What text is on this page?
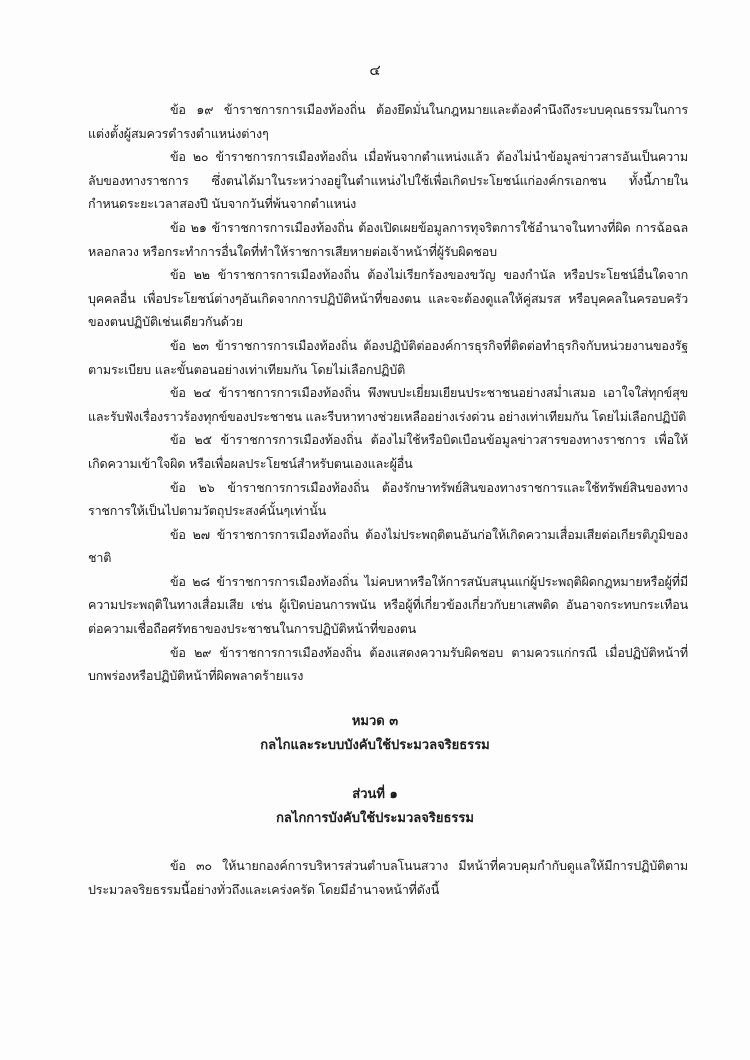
๔

ข้อ ๑๙ ข้าราชการการเมืองท้องถิ่น ต้องยึดมั่นในกฎหมายและต้องคำนึงถึงระบบคุณธรรมในการแต่งตั้งผู้สมควรดำรงตำแหน่งต่างๆ

ข้อ ๒๐ ข้าราชการการเมืองท้องถิ่น เมื่อพ้นจากตำแหน่งแล้ว ต้องไม่นำข้อมูลข่าวสารอันเป็นความลับของทางราชการ ซึ่งตนได้มาในระหว่างอยู่ในตำแหน่งไปใช้เพื่อเกิดประโยชน์แก่องค์กรเอกชน ทั้งนี้ภายในกำหนดระยะเวลาสองปี นับจากวันที่พ้นจากตำแหน่ง

ข้อ ๒๑ ข้าราชการการเมืองท้องถิ่น ต้องเปิดเผยข้อมูลการทุจริตการใช้อำนาจในทางที่ผิด การฉ้อฉล หลอกลวง หรือกระทำการอื่นใดที่ทำให้ราชการเสียหายต่อเจ้าหน้าที่ผู้รับผิดชอบ

ข้อ ๒๒ ข้าราชการการเมืองท้องถิ่น ต้องไม่เรียกร้องของขวัญ ของกำนัล หรือประโยชน์อื่นใดจากบุคคลอื่น เพื่อประโยชน์ต่างๆอันเกิดจากการปฏิบัติหน้าที่ของตน และจะต้องดูแลให้คู่สมรส หรือบุคคลในครอบครัวของตนปฏิบัติเช่นเดียวกันด้วย

ข้อ ๒๓ ข้าราชการการเมืองท้องถิ่น ต้องปฏิบัติต่อองค์การธุรกิจที่ติดต่อทำธุรกิจกับหน่วยงานของรัฐตามระเบียบ และขั้นตอนอย่างเท่าเทียมกัน โดยไม่เลือกปฏิบัติ

ข้อ ๒๔ ข้าราชการการเมืองท้องถิ่น พึงพบปะเยี่ยมเยียนประชาชนอย่างสม่ำเสมอ เอาใจใส่ทุกข์สุขและรับฟังเรื่องราวร้องทุกข์ของประชาชน และรีบหาทางช่วยเหลืออย่างเร่งด่วน อย่างเท่าเทียมกัน โดยไม่เลือกปฏิบัติ

ข้อ ๒๕ ข้าราชการการเมืองท้องถิ่น ต้องไม่ใช้หรือบิดเบือนข้อมูลข่าวสารของทางราชการ เพื่อให้เกิดความเข้าใจผิด หรือเพื่อผลประโยชน์สำหรับตนเองและผู้อื่น

ข้อ ๒๖ ข้าราชการการเมืองท้องถิ่น ต้องรักษาทรัพย์สินของทางราชการและใช้ทรัพย์สินของทางราชการให้เป็นไปตามวัตถุประสงค์นั้นๆเท่านั้น

ข้อ ๒๗ ข้าราชการการเมืองท้องถิ่น ต้องไม่ประพฤติตนอันก่อให้เกิดความเสื่อมเสียต่อเกียรติภูมิของชาติ

ข้อ ๒๘ ข้าราชการการเมืองท้องถิ่น ไม่คบหาหรือให้การสนับสนุนแก่ผู้ประพฤติผิดกฎหมายหรือผู้ที่มีความประพฤติในทางเสื่อมเสีย เช่น ผู้เปิดบ่อนการพนัน หรือผู้ที่เกี่ยวข้องเกี่ยวกับยาเสพติด อันอาจกระทบกระเทือนต่อความเชื่อถือศรัทธาของประชาชนในการปฏิบัติหน้าที่ของตน

ข้อ ๒๙ ข้าราชการการเมืองท้องถิ่น ต้องแสดงความรับผิดชอบ ตามควรแก่กรณี เมื่อปฏิบัติหน้าที่บกพร่องหรือปฏิบัติหน้าที่ผิดพลาดร้ายแรง

หมวด ๓

กลไกและระบบบังคับใช้ประมวลจริยธรรม

ส่วนที่ ๑

กลไกการบังคับใช้ประมวลจริยธรรม

ข้อ ๓๐ ให้นายกองค์การบริหารส่วนตำบลโนนสวาง มีหน้าที่ควบคุมกำกับดูแลให้มีการปฏิบัติตามประมวลจริยธรรมนี้อย่างทั่วถึงและเคร่งครัด โดยมีอำนาจหน้าที่ดังนี้
